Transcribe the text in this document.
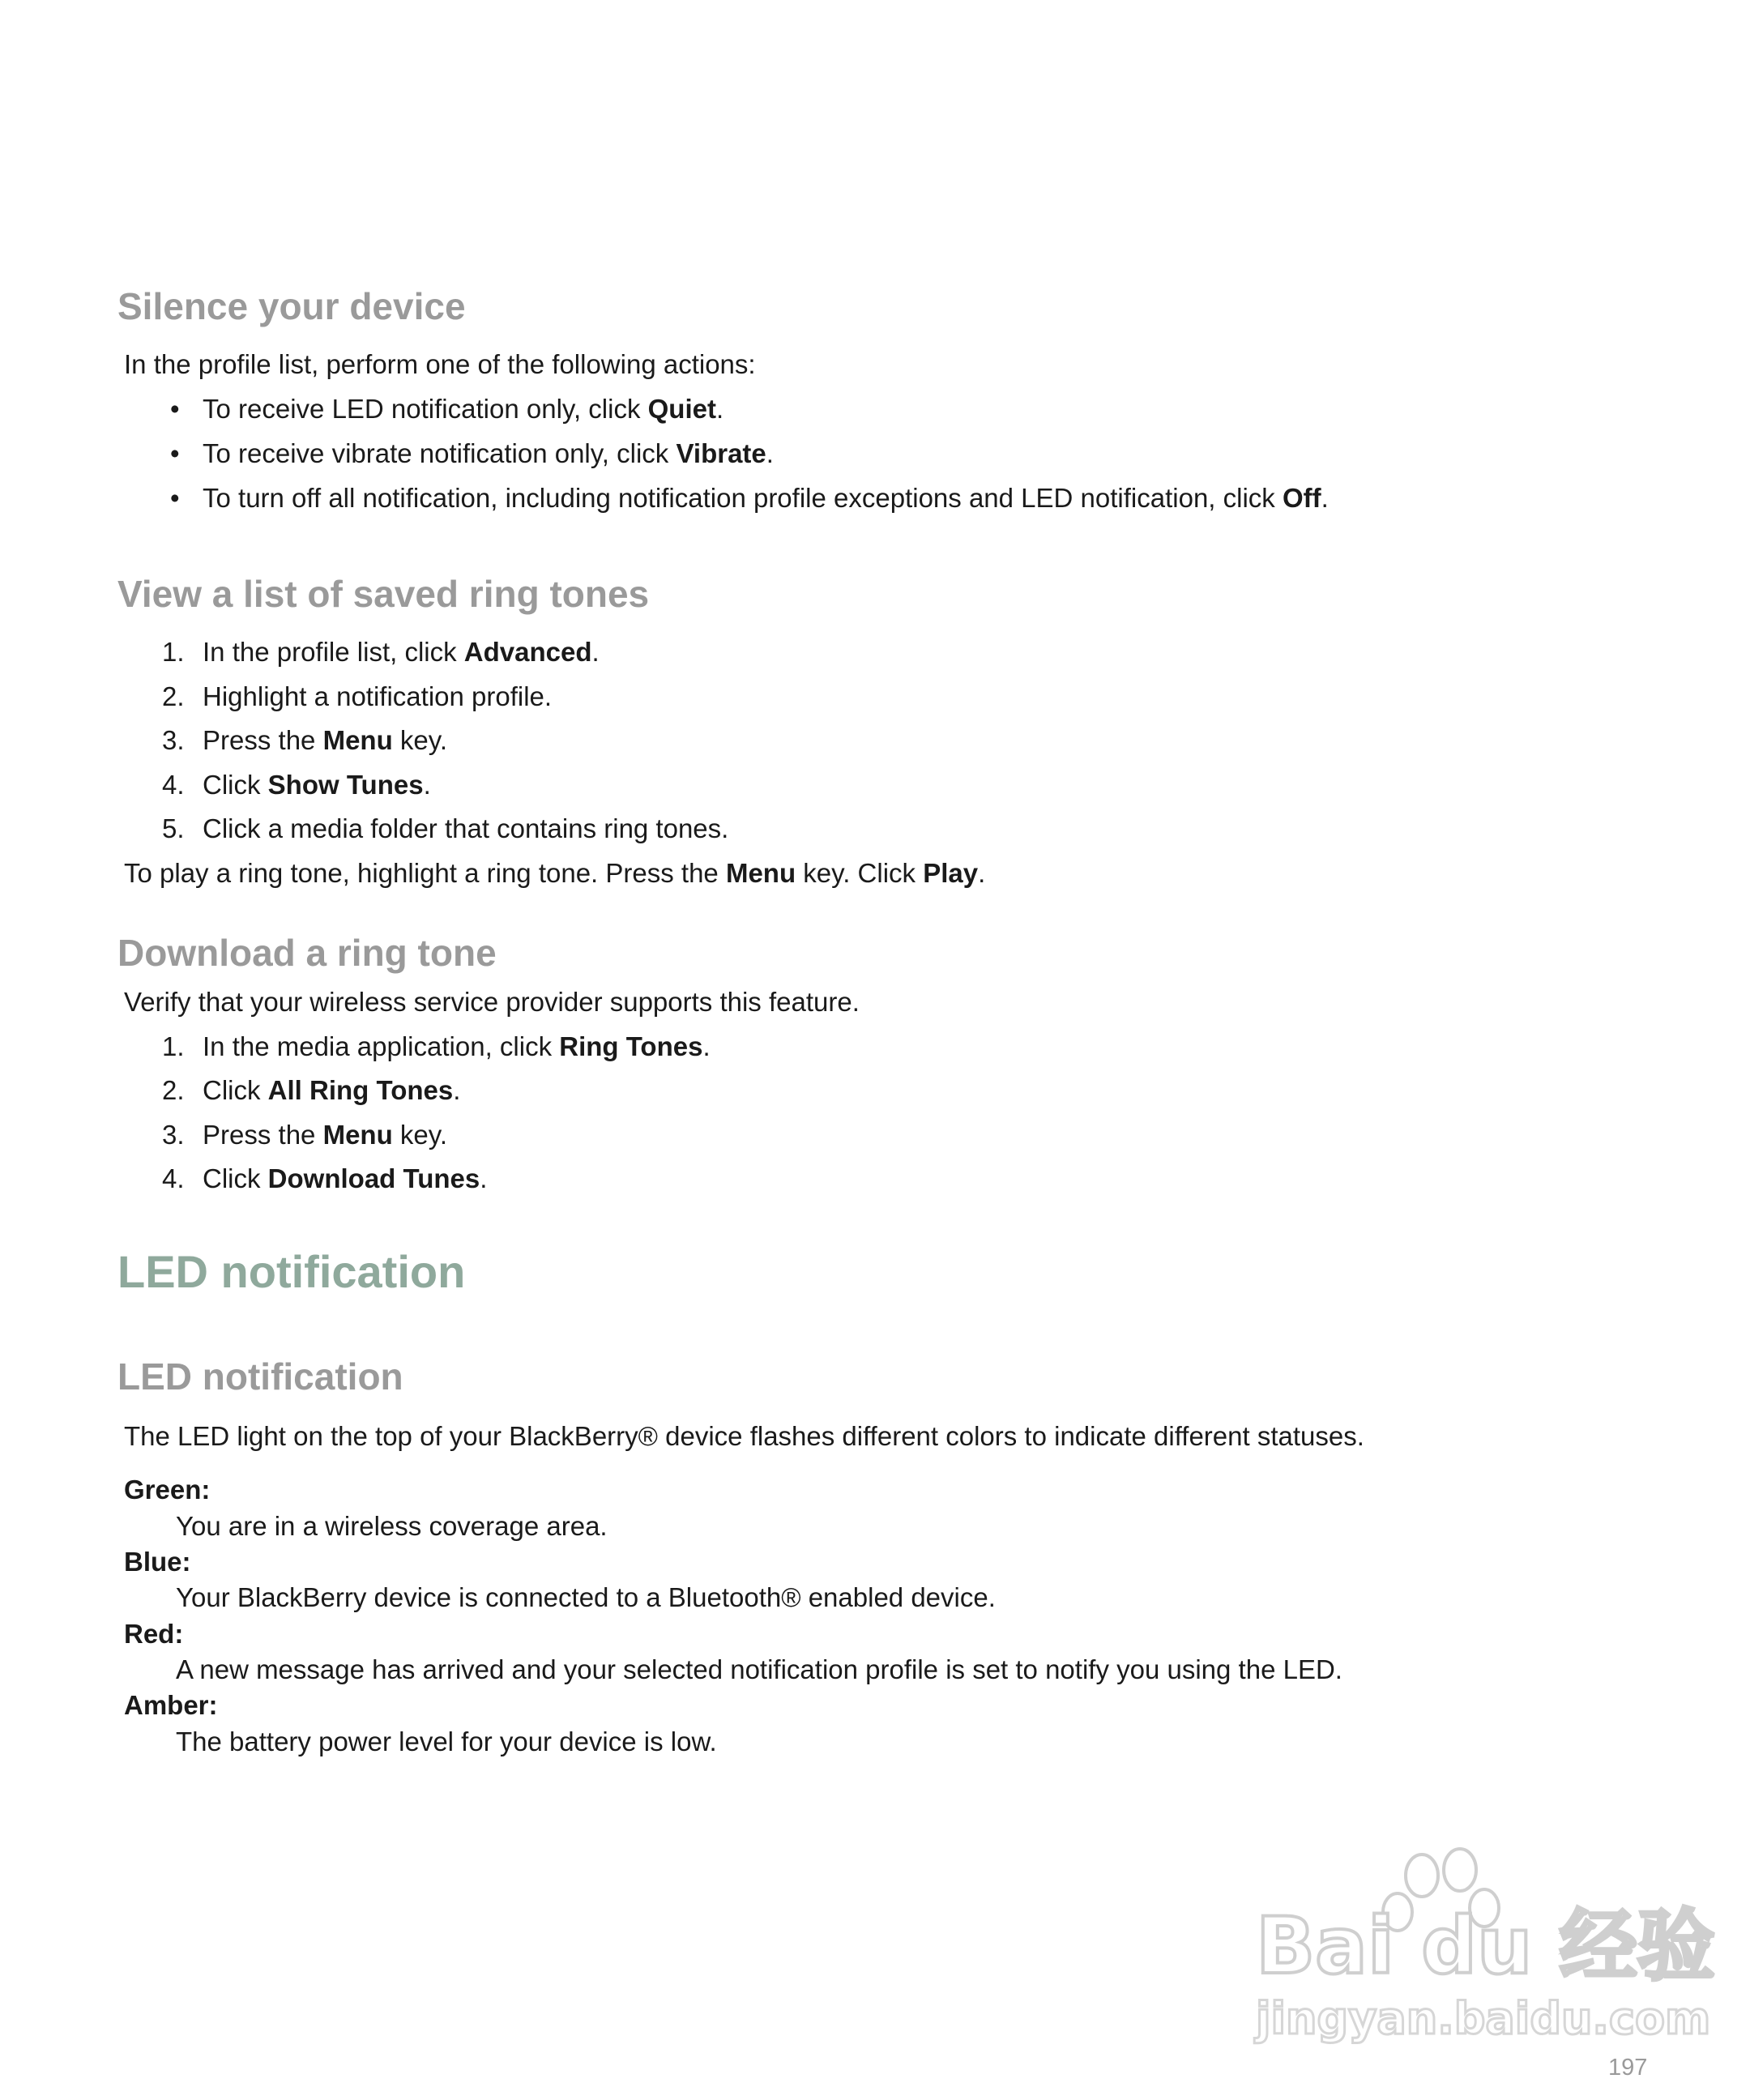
Silence your device

In the profile list, perform one of the following actions:

• To receive LED notification only, click Quiet.
• To receive vibrate notification only, click Vibrate.
• To turn off all notification, including notification profile exceptions and LED notification, click Off.
View a list of saved ring tones
1. In the profile list, click Advanced.
2. Highlight a notification profile.
3. Press the Menu key.
4. Click Show Tunes.
5. Click a media folder that contains ring tones.

To play a ring tone, highlight a ring tone. Press the Menu key. Click Play.

Download a ring tone

Verify that your wireless service provider supports this feature.

1. In the media application, click Ring Tones.
2. Click All Ring Tones.
3. Press the Menu key.
4. Click Download Tunes.
LED notification
LED notification

The LED light on the top of your BlackBerry® device flashes different colors to indicate different statuses.

Green:
You are in a wireless coverage area.
Blue:
Your BlackBerry device is connected to a Bluetooth® enabled device.
Red:
A new message has arrived and your selected notification profile is set to notify you using the LED.
Amber:
The battery power level for your device is low.
Bai du 经验
jingyan.baidu.com
197
